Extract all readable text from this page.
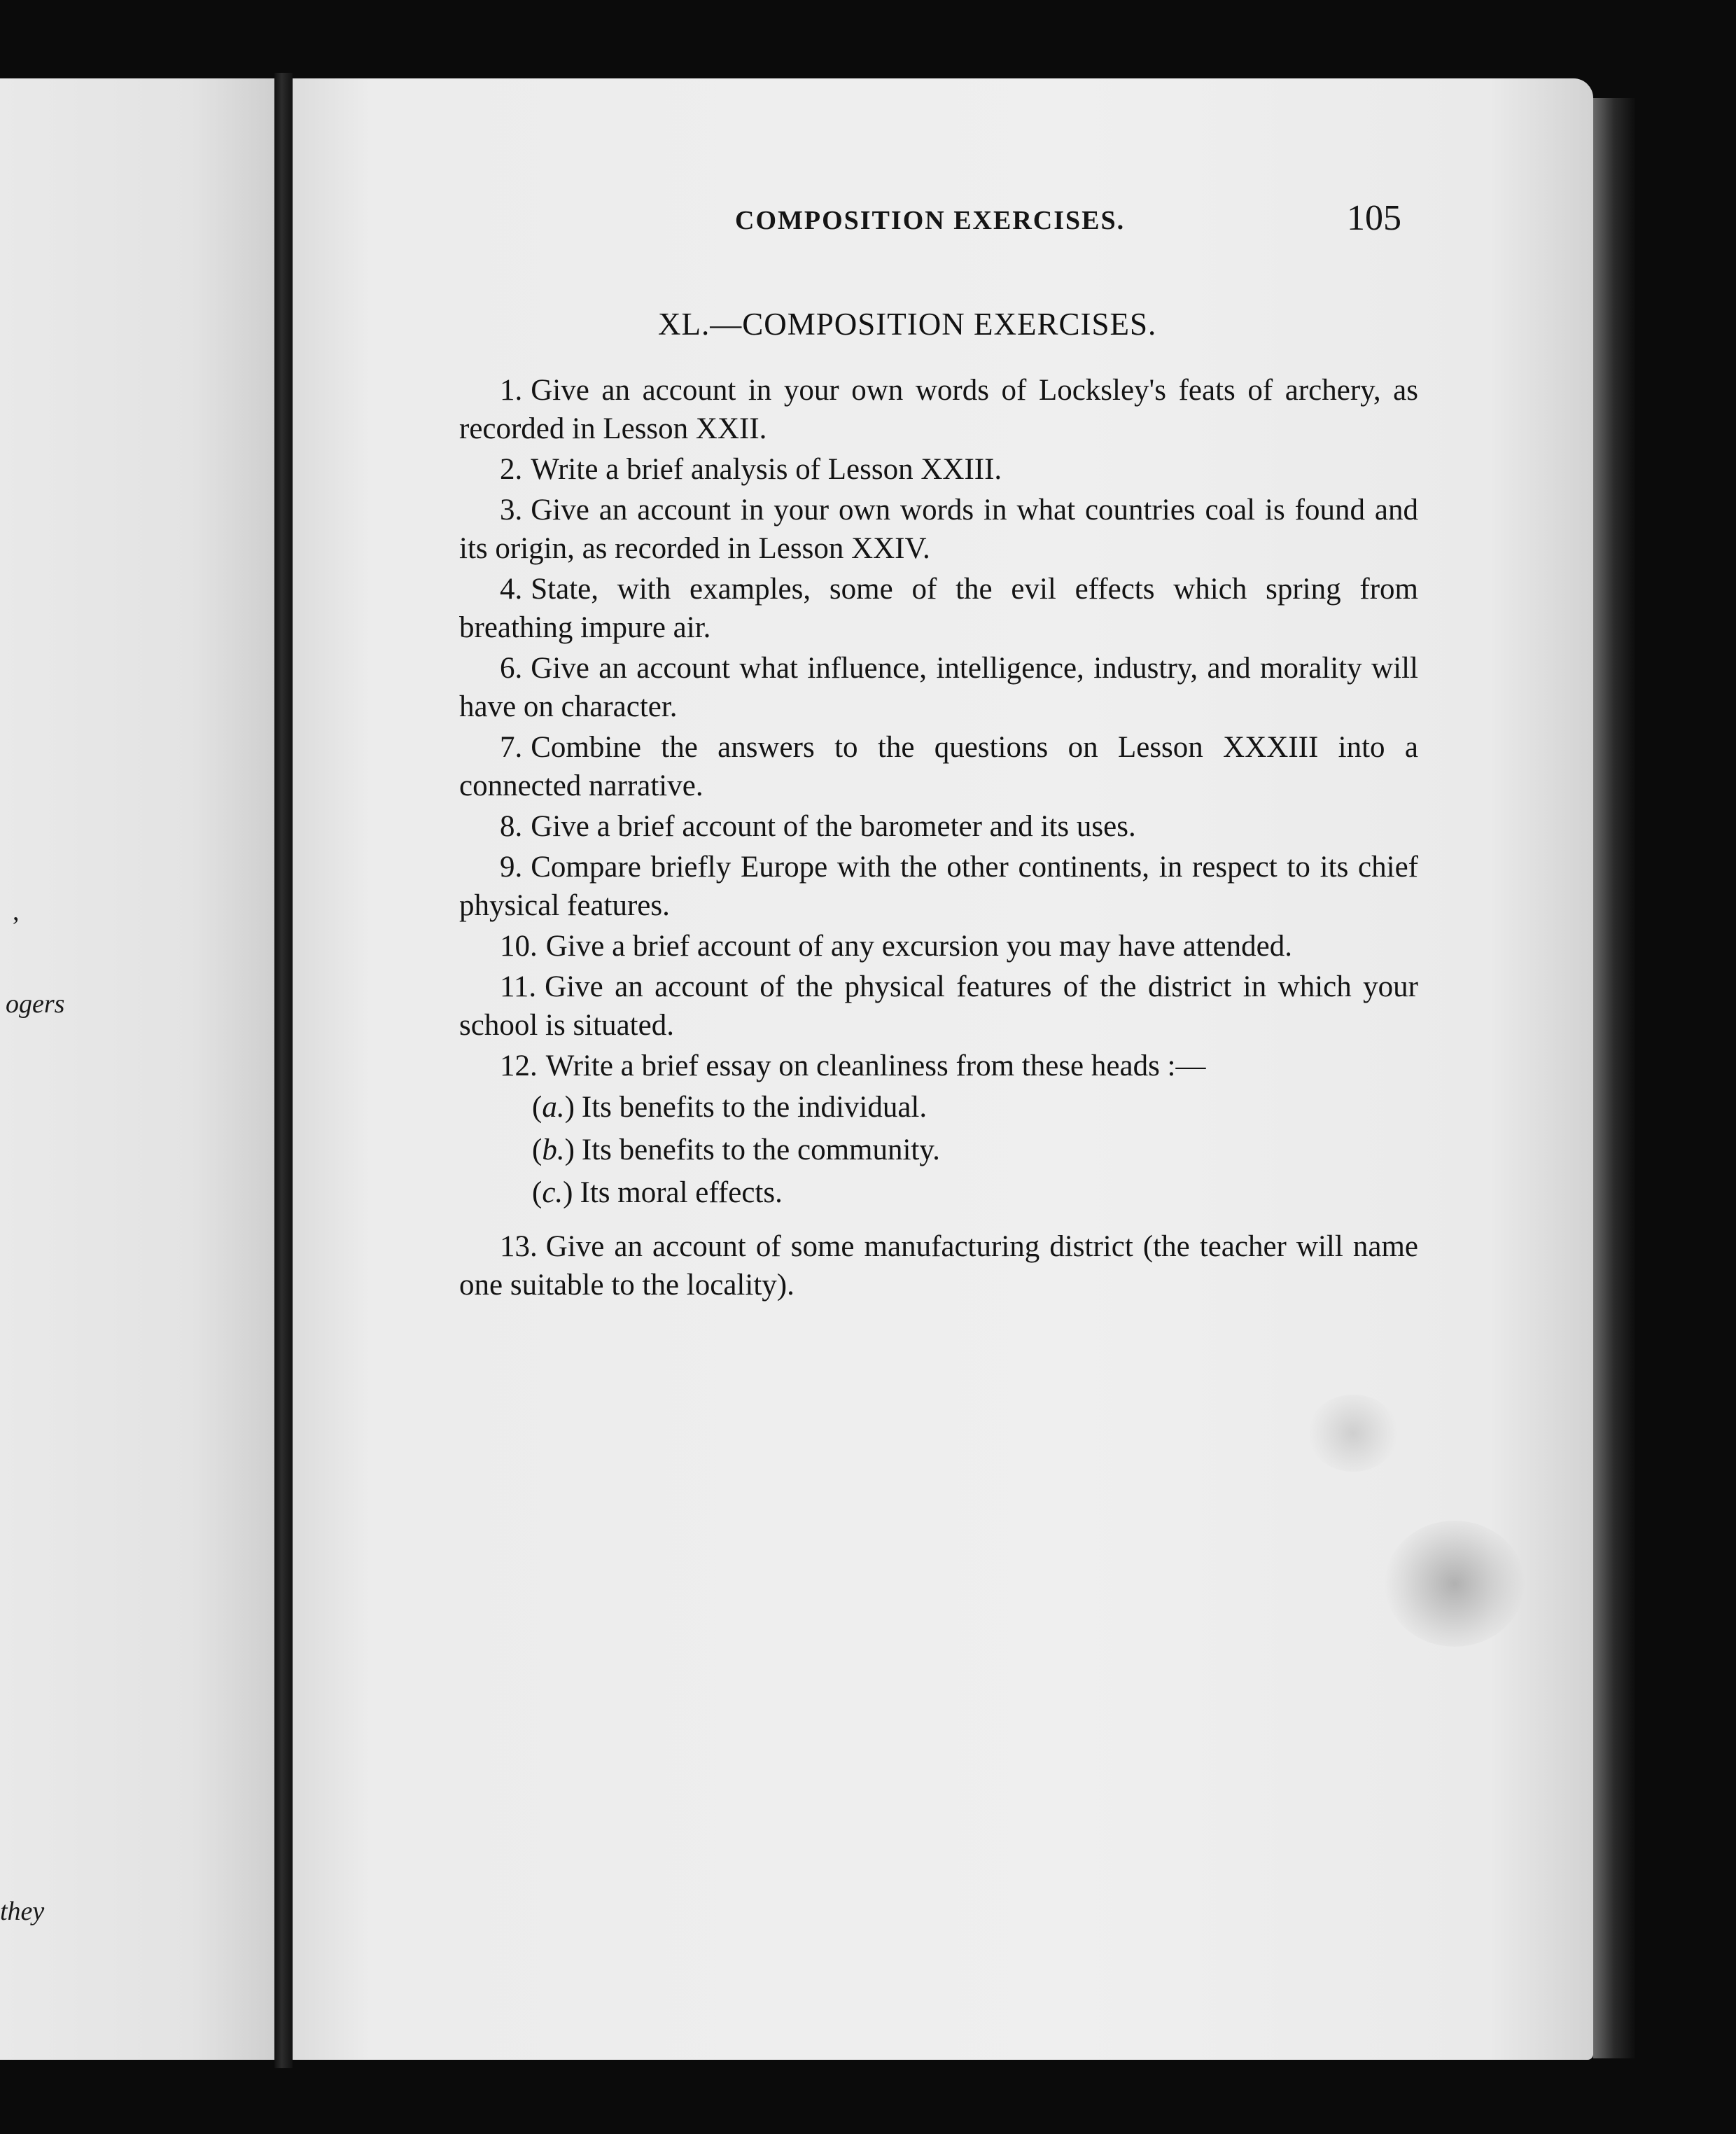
,
ogers
they
COMPOSITION EXERCISES.	105
XL.—COMPOSITION EXERCISES.

1. Give an account in your own words of Locksley's feats of archery, as recorded in Lesson XXII.

2. Write a brief analysis of Lesson XXIII.

3. Give an account in your own words in what countries coal is found and its origin, as recorded in Lesson XXIV.

4. State, with examples, some of the evil effects which spring from breathing impure air.

6. Give an account what influence, intelligence, industry, and morality will have on character.

7. Combine the answers to the questions on Lesson XXXIII into a connected narrative.

8. Give a brief account of the barometer and its uses.

9. Compare briefly Europe with the other continents, in respect to its chief physical features.

10. Give a brief account of any excursion you may have attended.

11. Give an account of the physical features of the district in which your school is situated.

12. Write a brief essay on cleanliness from these heads :—

(a.) Its benefits to the individual.
(b.) Its benefits to the community.
(c.) Its moral effects.

13. Give an account of some manufacturing district (the teacher will name one suitable to the locality).
